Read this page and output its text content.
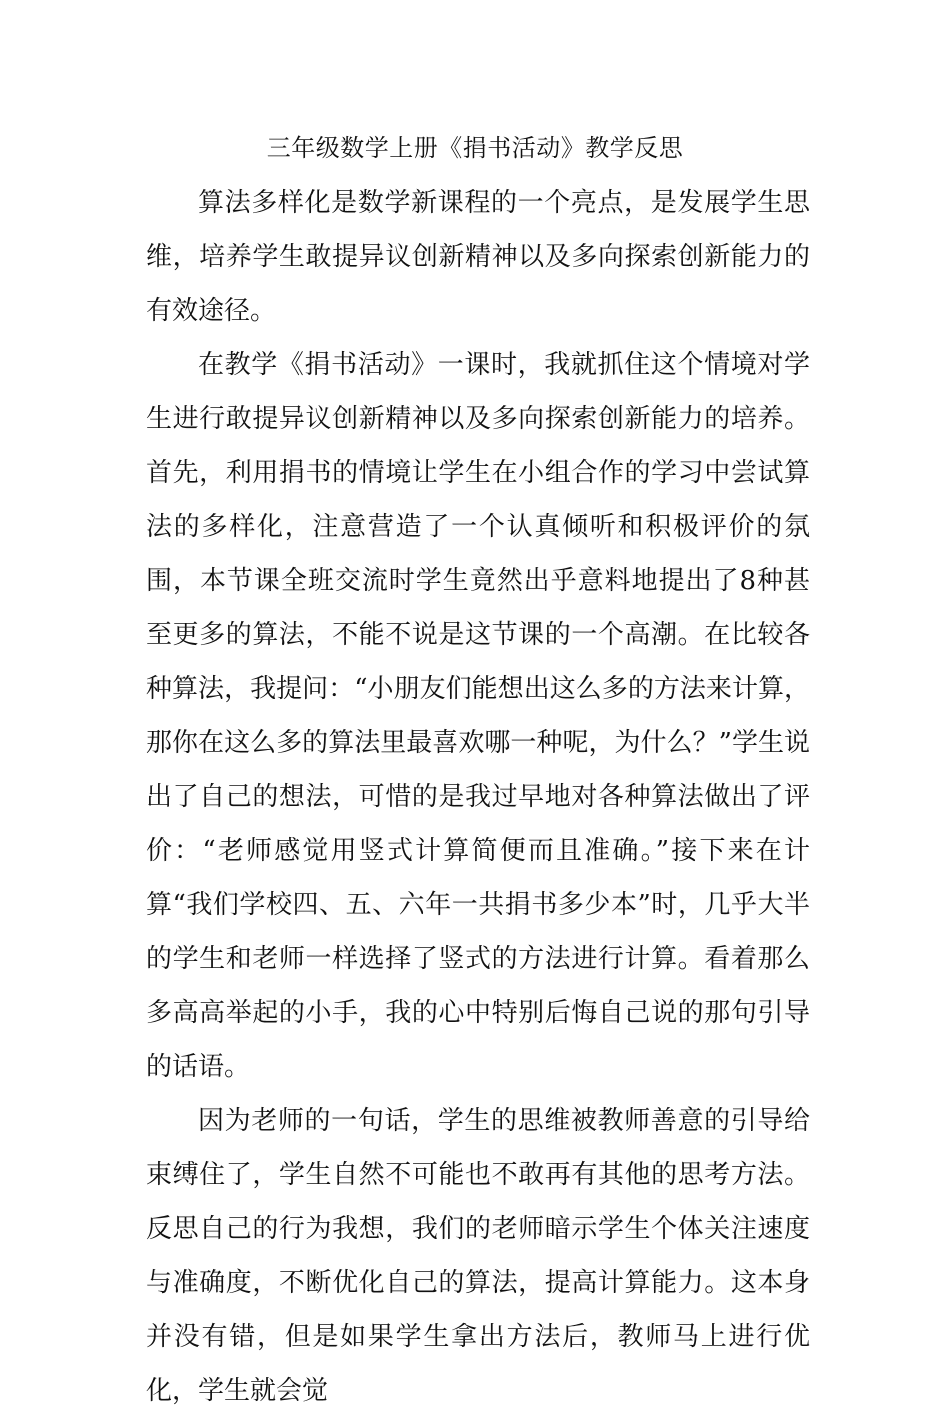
三年级数学上册《捐书活动》教学反思

算法多样化是数学新课程的一个亮点，是发展学生思维，培养学生敢提异议创新精神以及多向探索创新能力的有效途径。

在教学《捐书活动》一课时，我就抓住这个情境对学生进行敢提异议创新精神以及多向探索创新能力的培养。首先，利用捐书的情境让学生在小组合作的学习中尝试算法的多样化，注意营造了一个认真倾听和积极评价的氛围，本节课全班交流时学生竟然出乎意料地提出了8种甚至更多的算法，不能不说是这节课的一个高潮。在比较各种算法，我提问：“小朋友们能想出这么多的方法来计算，那你在这么多的算法里最喜欢哪一种呢，为什么？”学生说出了自己的想法，可惜的是我过早地对各种算法做出了评价：“老师感觉用竖式计算简便而且准确。”接下来在计算“我们学校四、五、六年一共捐书多少本”时，几乎大半的学生和老师一样选择了竖式的方法进行计算。看着那么多高高举起的小手，我的心中特别后悔自己说的那句引导的话语。

因为老师的一句话，学生的思维被教师善意的引导给束缚住了，学生自然不可能也不敢再有其他的思考方法。反思自己的行为我想，我们的老师暗示学生个体关注速度与准确度，不断优化自己的算法，提高计算能力。这本身并没有错，但是如果学生拿出方法后，教师马上进行优化，学生就会觉
